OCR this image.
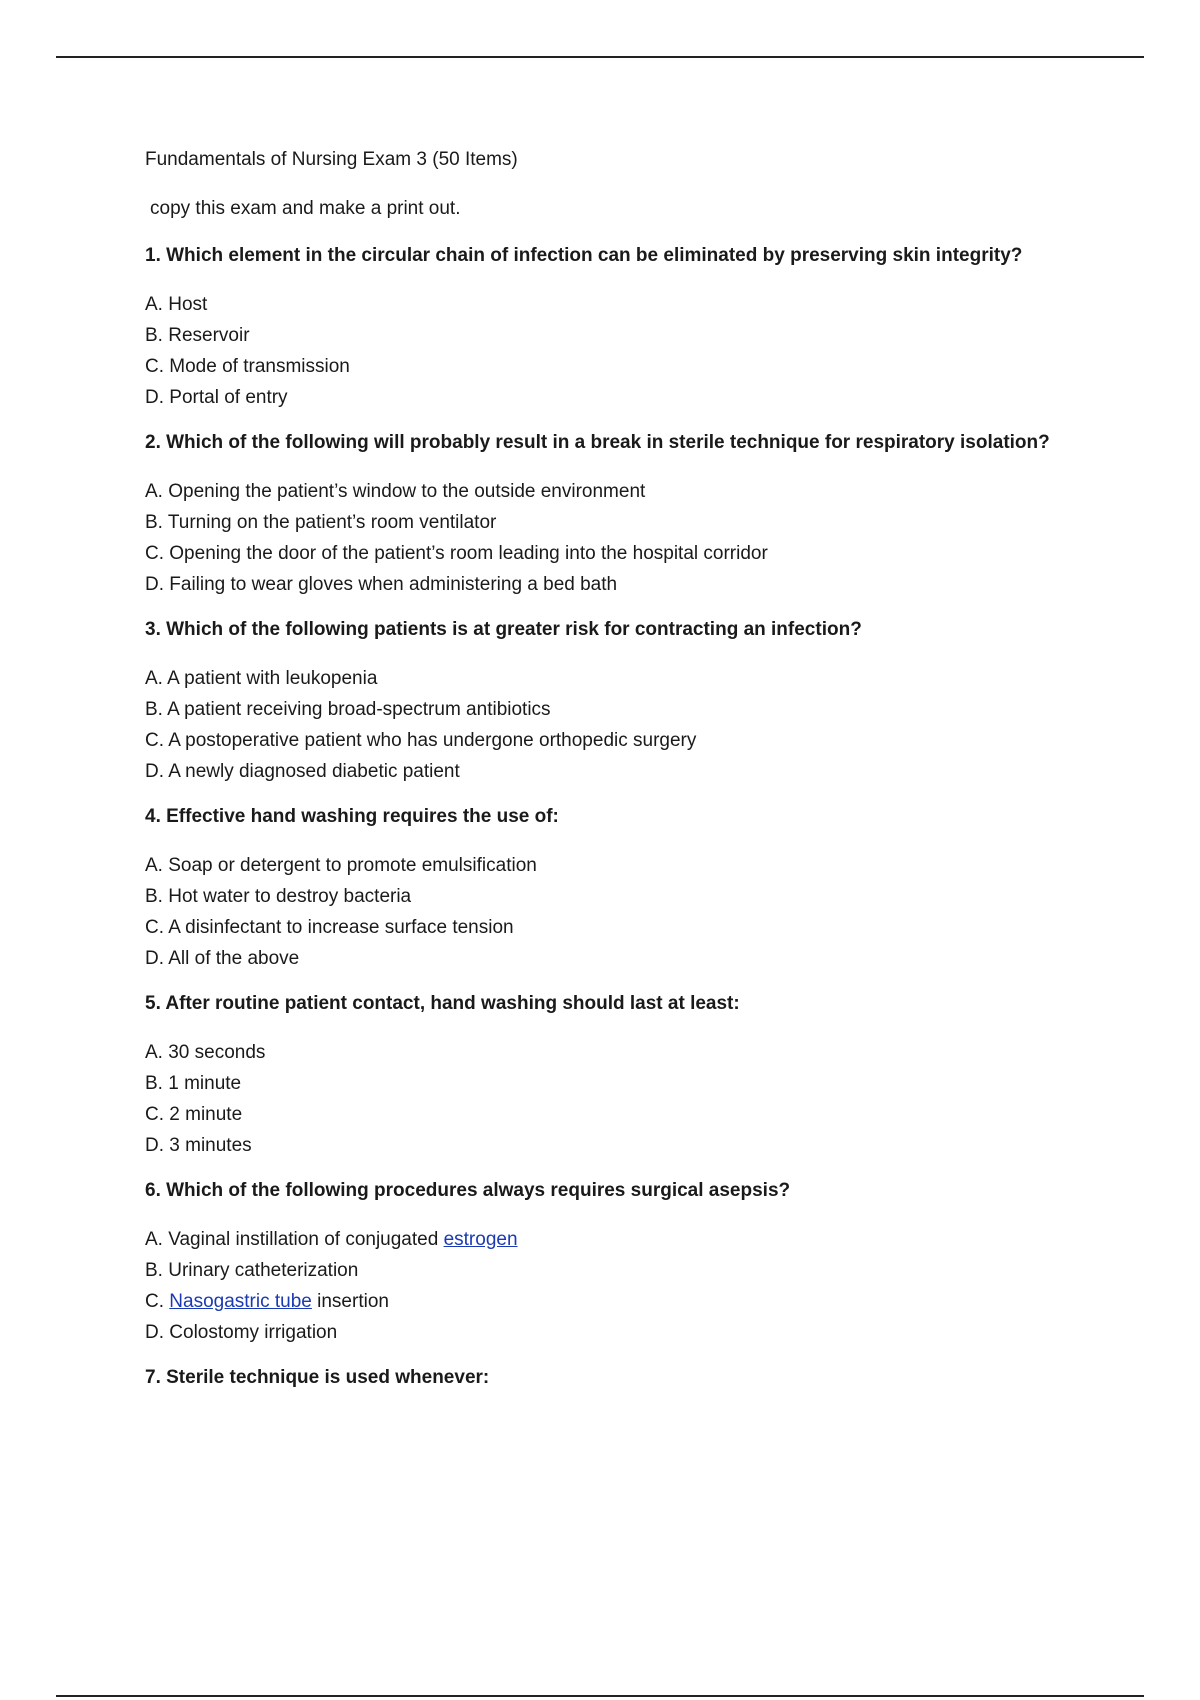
Fundamentals of Nursing Exam 3 (50 Items)

copy this exam and make a print out.

1. Which element in the circular chain of infection can be eliminated by preserving skin integrity?

A. Host

B. Reservoir

C. Mode of transmission

D. Portal of entry

2. Which of the following will probably result in a break in sterile technique for respiratory isolation?

A. Opening the patient’s window to the outside environment

B. Turning on the patient’s room ventilator

C. Opening the door of the patient’s room leading into the hospital corridor

D. Failing to wear gloves when administering a bed bath

3. Which of the following patients is at greater risk for contracting an infection?

A. A patient with leukopenia

B. A patient receiving broad-spectrum antibiotics

C. A postoperative patient who has undergone orthopedic surgery

D. A newly diagnosed diabetic patient

4. Effective hand washing requires the use of:

A. Soap or detergent to promote emulsification

B. Hot water to destroy bacteria

C. A disinfectant to increase surface tension

D. All of the above

5. After routine patient contact, hand washing should last at least:

A. 30 seconds

B. 1 minute

C. 2 minute

D. 3 minutes

6. Which of the following procedures always requires surgical asepsis?

A. Vaginal instillation of conjugated estrogen

B. Urinary catheterization

C. Nasogastric tube insertion

D. Colostomy irrigation

7. Sterile technique is used whenever:
